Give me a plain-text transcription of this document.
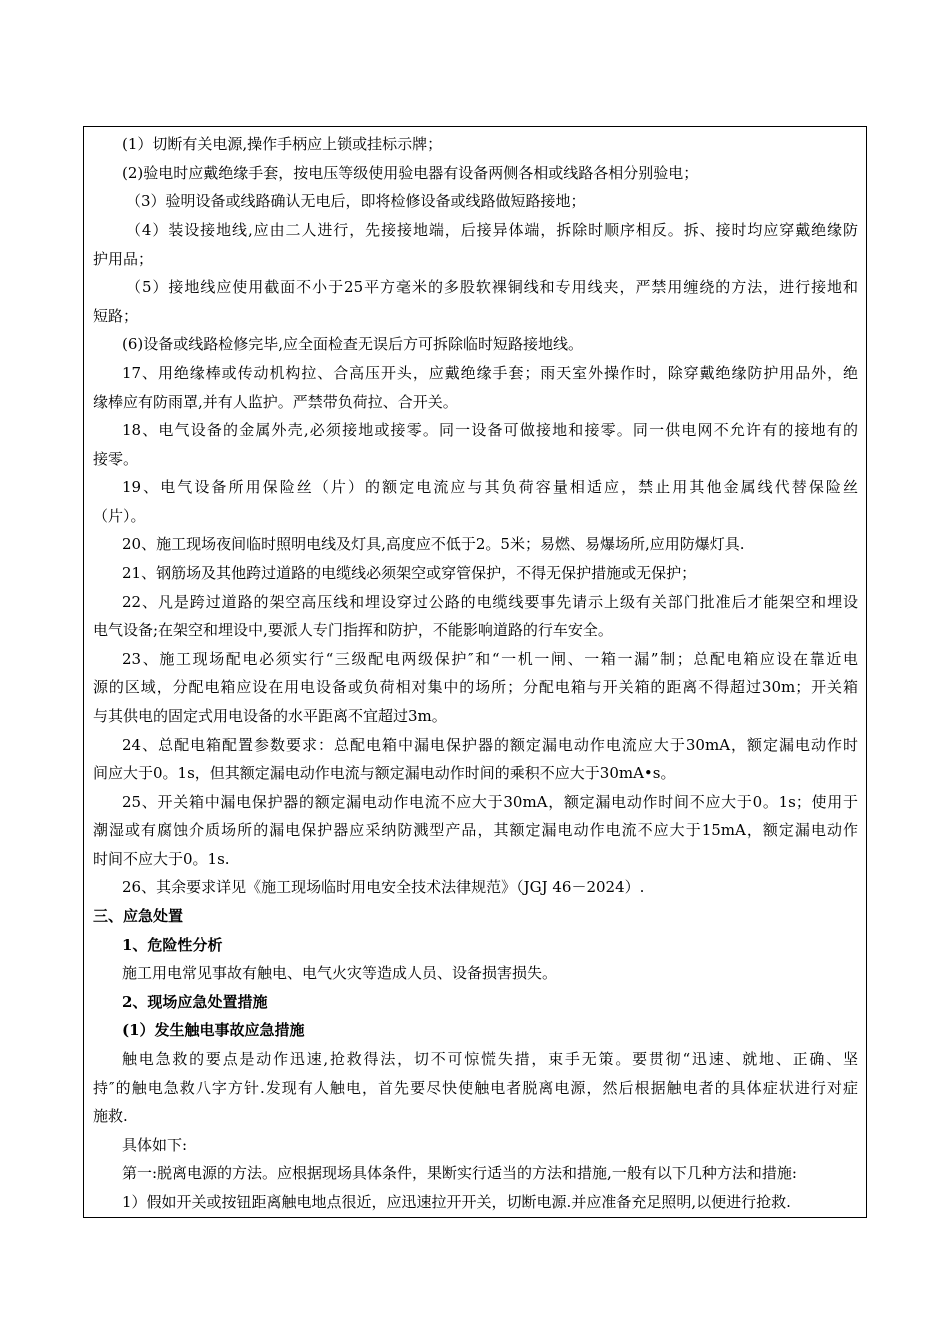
(1）切断有关电源,操作手柄应上锁或挂标示牌；
(2)验电时应戴绝缘手套，按电压等级使用验电器有设备两侧各相或线路各相分别验电；
（3）验明设备或线路确认无电后，即将检修设备或线路做短路接地；
（4）装设接地线,应由二人进行，先接接地端，后接异体端，拆除时顺序相反。拆、接时均应穿戴绝缘防
护用品；
（5）接地线应使用截面不小于25平方毫米的多股软裸铜线和专用线夹，严禁用缠绕的方法，进行接地和
短路；
(6)设备或线路检修完毕,应全面检查无误后方可拆除临时短路接地线。
17、用绝缘棒或传动机构拉、合高压开头，应戴绝缘手套；雨天室外操作时，除穿戴绝缘防护用品外，绝
缘棒应有防雨罩,并有人监护。严禁带负荷拉、合开关。
18、电气设备的金属外壳,必须接地或接零。同一设备可做接地和接零。同一供电网不允许有的接地有的
接零。
19、电气设备所用保险丝（片）的额定电流应与其负荷容量相适应，禁止用其他金属线代替保险丝
（片）。
20、施工现场夜间临时照明电线及灯具,高度应不低于2。5米；易燃、易爆场所,应用防爆灯具.
21、钢筋场及其他跨过道路的电缆线必须架空或穿管保护，不得无保护措施或无保护；
22、凡是跨过道路的架空高压线和埋设穿过公路的电缆线要事先请示上级有关部门批准后才能架空和埋设
电气设备;在架空和埋设中,要派人专门指挥和防护，不能影响道路的行车安全。
23、施工现场配电必须实行“三级配电两级保护″和“一机一闸、一箱一漏”制；总配电箱应设在靠近电
源的区域，分配电箱应设在用电设备或负荷相对集中的场所；分配电箱与开关箱的距离不得超过30m；开关箱
与其供电的固定式用电设备的水平距离不宜超过3m。
24、总配电箱配置参数要求：总配电箱中漏电保护器的额定漏电动作电流应大于30mA，额定漏电动作时
间应大于0。1s，但其额定漏电动作电流与额定漏电动作时间的乘积不应大于30mA•s。
25、开关箱中漏电保护器的额定漏电动作电流不应大于30mA，额定漏电动作时间不应大于0。1s；使用于
潮湿或有腐蚀介质场所的漏电保护器应采纳防溅型产品，其额定漏电动作电流不应大于15mA，额定漏电动作
时间不应大于0。1s.
26、其余要求详见《施工现场临时用电安全技术法律规范》（JGJ 46－2024）.
三、应急处置
1、危险性分析
施工用电常见事故有触电、电气火灾等造成人员、设备损害损失。
2、现场应急处置措施
(1）发生触电事故应急措施
触电急救的要点是动作迅速,抢救得法，切不可惊慌失措，束手无策。要贯彻“迅速、就地、正确、坚
持″的触电急救八字方针.发现有人触电，首先要尽快使触电者脱离电源，然后根据触电者的具体症状进行对症
施救.
具体如下:
第一:脱离电源的方法。应根据现场具体条件，果断实行适当的方法和措施,一般有以下几种方法和措施:
1）假如开关或按钮距离触电地点很近，应迅速拉开开关，切断电源.并应准备充足照明,以便进行抢救.
